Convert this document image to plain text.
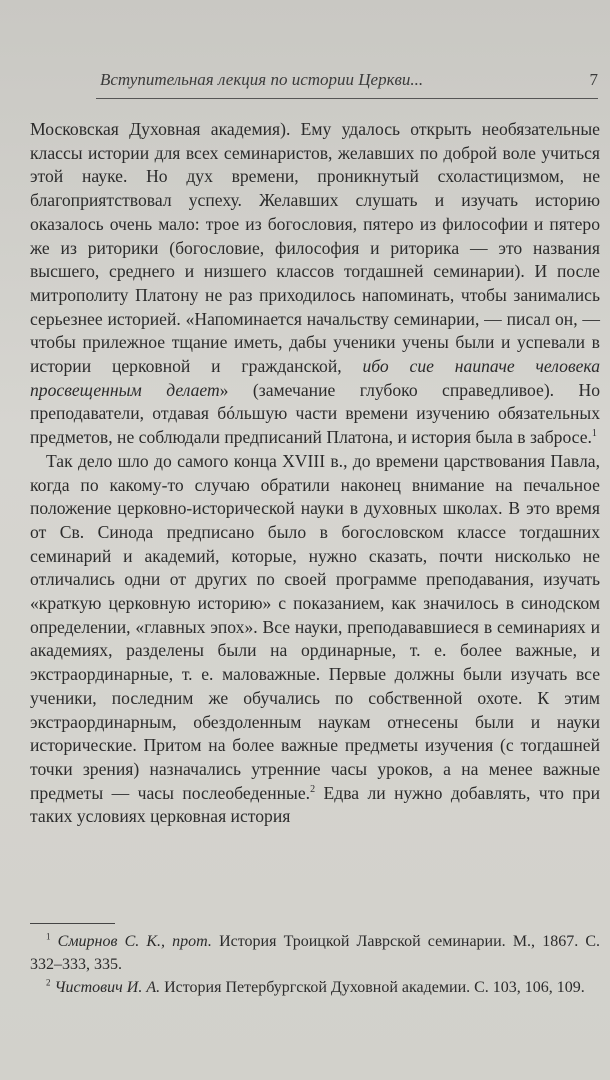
Вступительная лекция по истории Церкви...	7

Московская Духовная академия). Ему удалось открыть необязательные классы истории для всех семинаристов, желавших по доброй воле учиться этой науке. Но дух времени, проникнутый схоластицизмом, не благоприятствовал успеху. Желавших слушать и изучать историю оказалось очень мало: трое из богословия, пятеро из философии и пятеро же из риторики (богословие, философия и риторика — это названия высшего, среднего и низшего классов тогдашней семинарии). И после митрополиту Платону не раз приходилось напоминать, чтобы занимались серьезнее историей. «Напоминается начальству семинарии, — писал он, — чтобы прилежное тщание иметь, дабы ученики учены были и успевали в истории церковной и гражданской, ибо сие наипаче человека просвещенным делает» (замечание глубоко справедливое). Но преподаватели, отдавая бóльшую части времени изучению обязательных предметов, не соблюдали предписаний Платона, и история была в забросе.$^1$

Так дело шло до самого конца XVIII в., до времени царствования Павла, когда по какому-то случаю обратили наконец внимание на печальное положение церковно-исторической науки в духовных школах. В это время от Св. Синода предписано было в богословском классе тогдашних семинарий и академий, которые, нужно сказать, почти нисколько не отличались одни от других по своей программе преподавания, изучать «краткую церковную историю» с показанием, как значилось в синодском определении, «главных эпох». Все науки, преподававшиеся в семинариях и академиях, разделены были на ординарные, т. е. более важные, и экстраординарные, т. е. маловажные. Первые должны были изучать все ученики, последним же обучались по собственной охоте. К этим экстраординарным, обездоленным наукам отнесены были и науки исторические. Притом на более важные предметы изучения (с тогдашней точки зрения) назначались утренние часы уроков, а на менее важные предметы — часы послеобеденные.$^2$ Едва ли нужно добавлять, что при таких условиях церковная история

$^1$ Смирнов С. К., прот. История Троицкой Лаврской семинарии. М., 1867. С. 332–333, 335.

$^2$ Чистович И. А. История Петербургской Духовной академии. С. 103, 106, 109.
